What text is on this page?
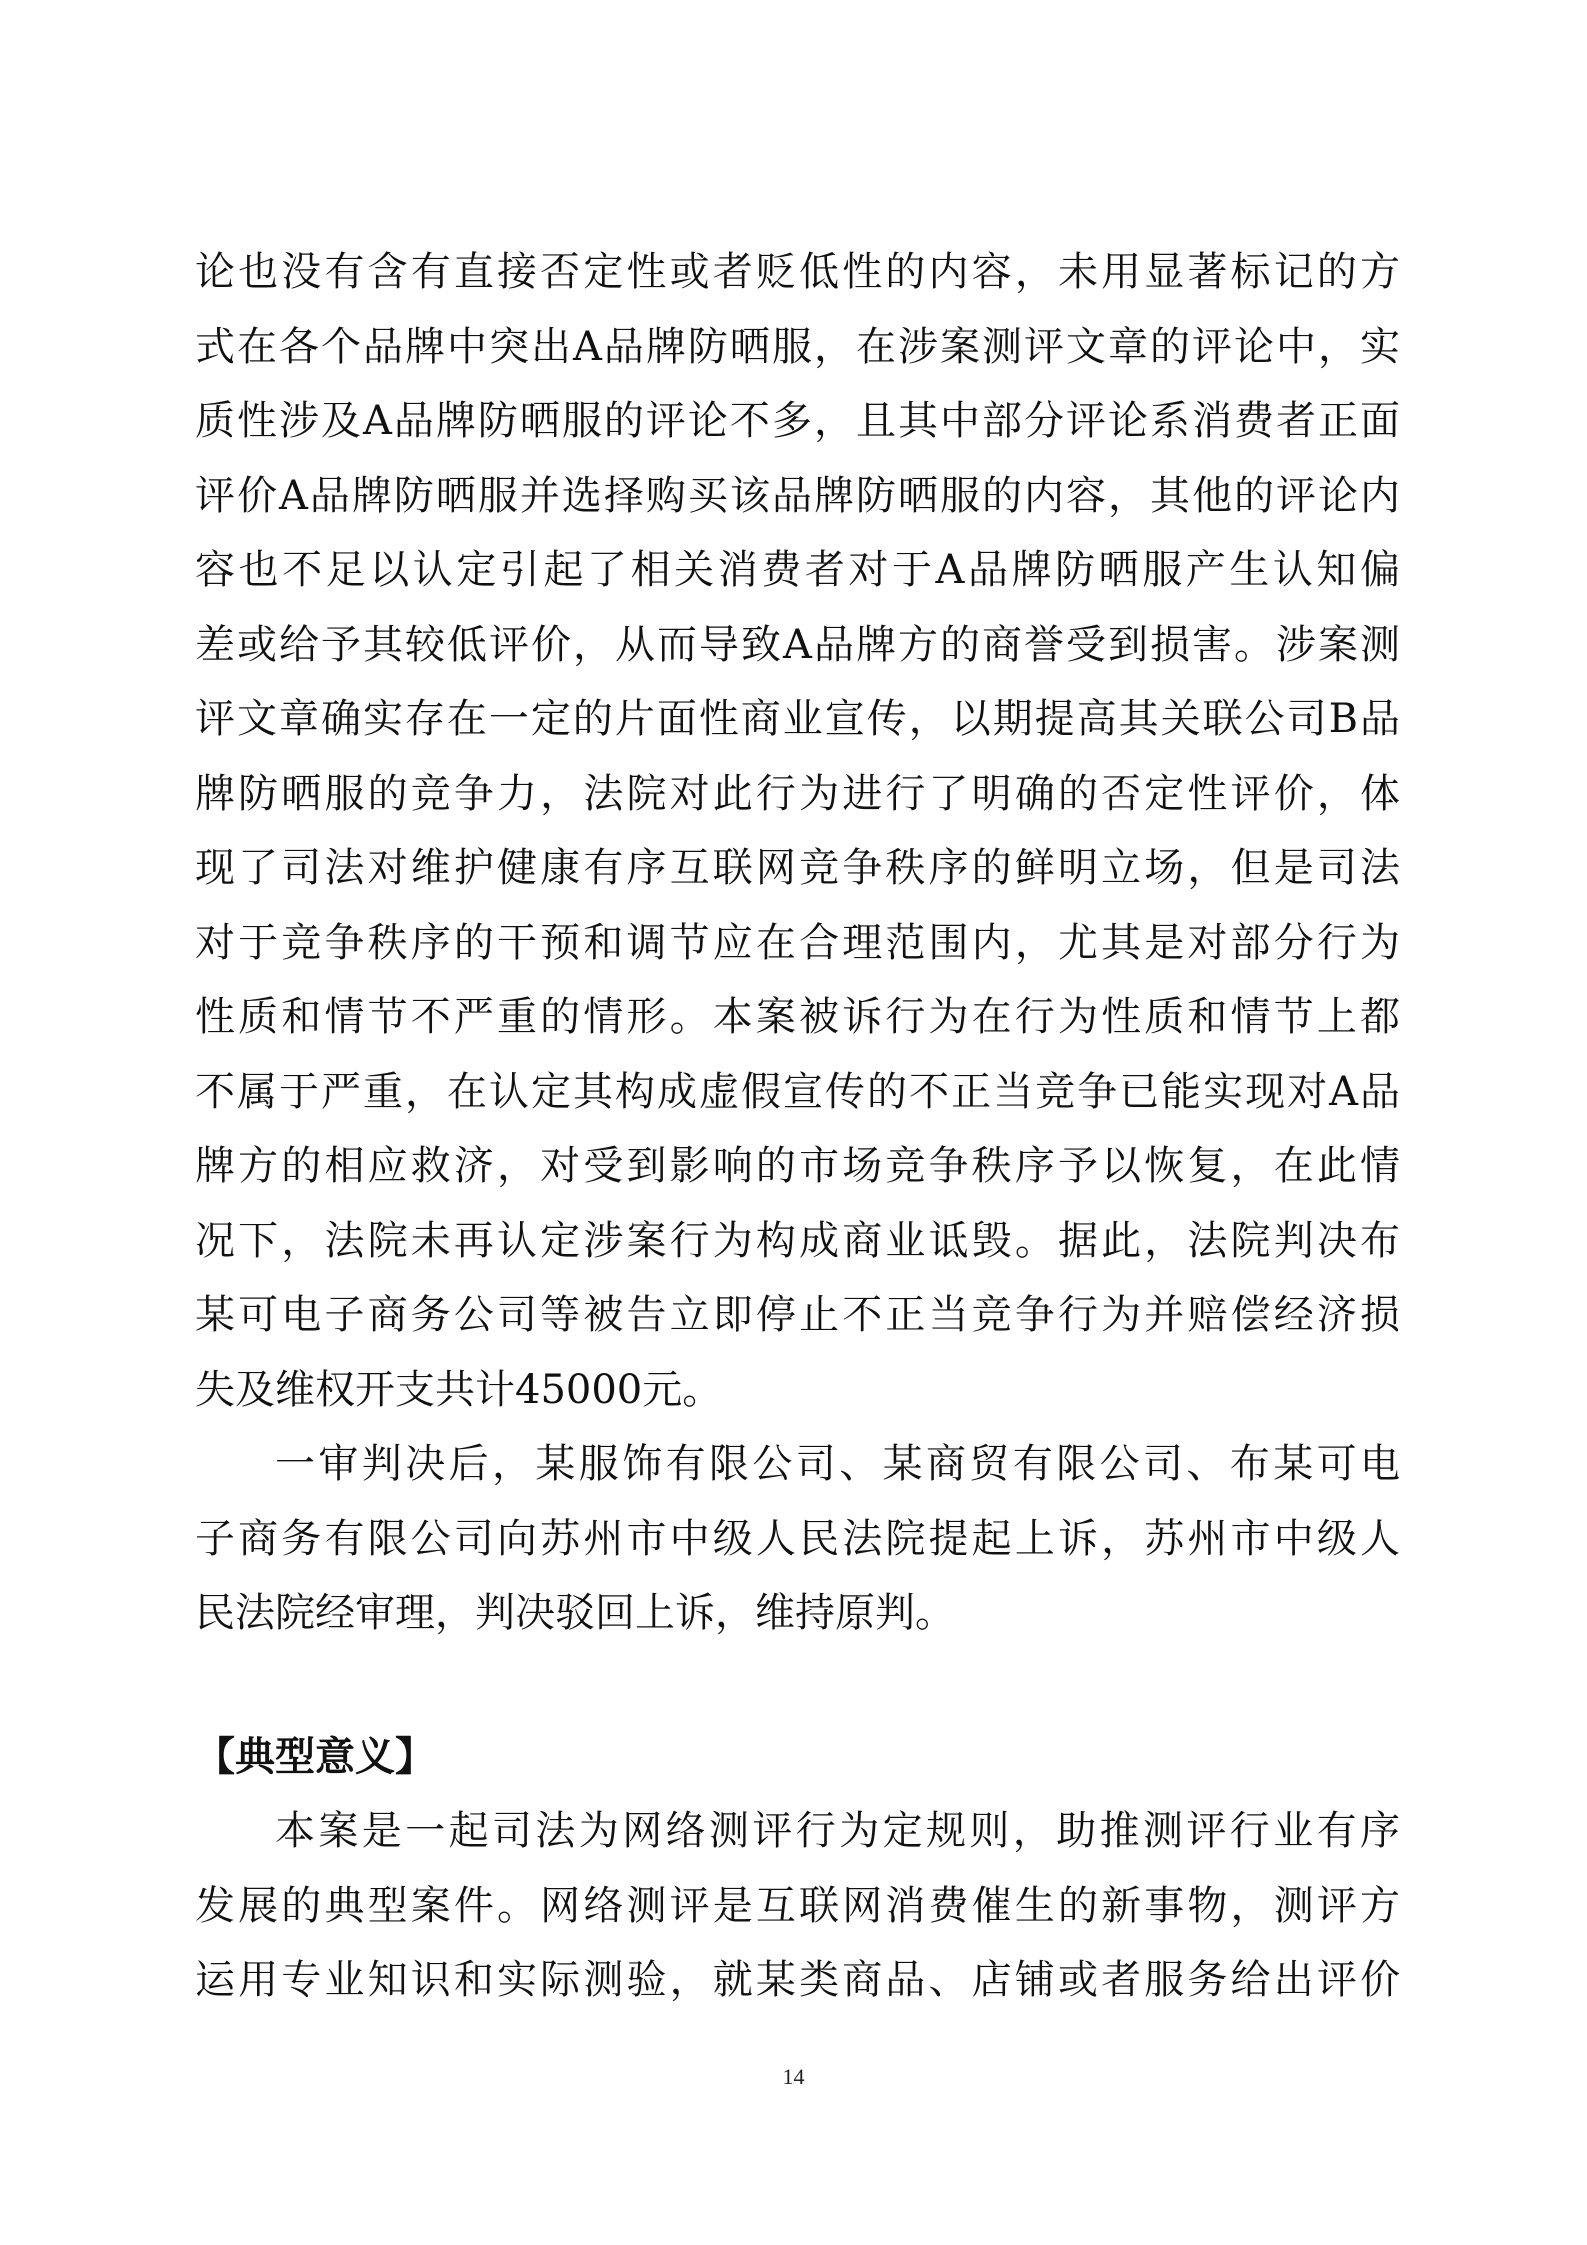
论也没有含有直接否定性或者贬低性的内容，未用显著标记的方
式在各个品牌中突出A品牌防晒服，在涉案测评文章的评论中，实
质性涉及A品牌防晒服的评论不多，且其中部分评论系消费者正面
评价A品牌防晒服并选择购买该品牌防晒服的内容，其他的评论内
容也不足以认定引起了相关消费者对于A品牌防晒服产生认知偏
差或给予其较低评价，从而导致A品牌方的商誉受到损害。涉案测
评文章确实存在一定的片面性商业宣传，以期提高其关联公司B品
牌防晒服的竞争力，法院对此行为进行了明确的否定性评价，体
现了司法对维护健康有序互联网竞争秩序的鲜明立场，但是司法
对于竞争秩序的干预和调节应在合理范围内，尤其是对部分行为
性质和情节不严重的情形。本案被诉行为在行为性质和情节上都
不属于严重，在认定其构成虚假宣传的不正当竞争已能实现对A品
牌方的相应救济，对受到影响的市场竞争秩序予以恢复，在此情
况下，法院未再认定涉案行为构成商业诋毁。据此，法院判决布
某可电子商务公司等被告立即停止不正当竞争行为并赔偿经济损
失及维权开支共计45000元。
一审判决后，某服饰有限公司、某商贸有限公司、布某可电
子商务有限公司向苏州市中级人民法院提起上诉，苏州市中级人
民法院经审理，判决驳回上诉，维持原判。
【典型意义】
本案是一起司法为网络测评行为定规则，助推测评行业有序
发展的典型案件。网络测评是互联网消费催生的新事物，测评方
运用专业知识和实际测验，就某类商品、店铺或者服务给出评价
14
